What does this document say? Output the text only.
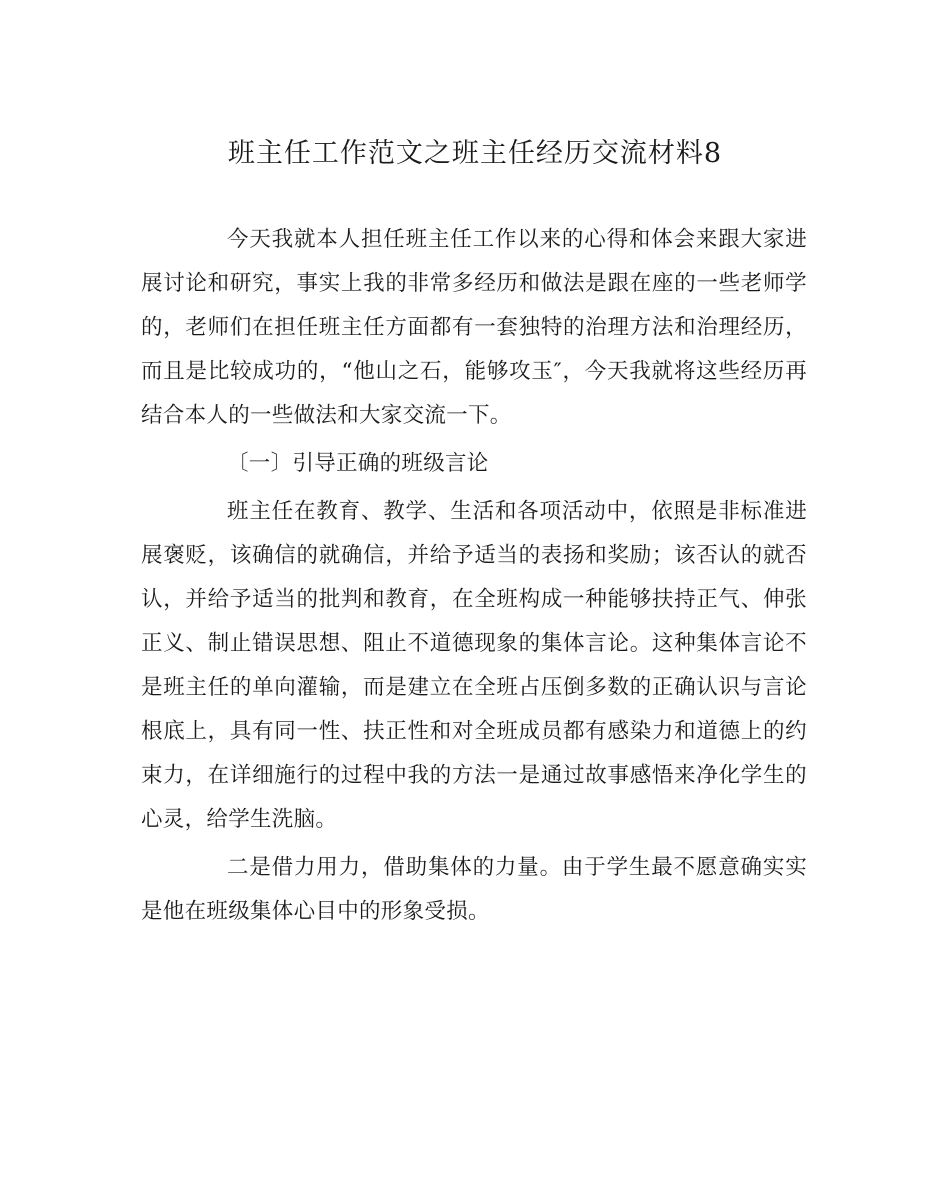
班主任工作范文之班主任经历交流材料8

今天我就本人担任班主任工作以来的心得和体会来跟大家进展讨论和研究，事实上我的非常多经历和做法是跟在座的一些老师学的，老师们在担任班主任方面都有一套独特的治理方法和治理经历，而且是比较成功的，“他山之石，能够攻玉″，今天我就将这些经历再结合本人的一些做法和大家交流一下。

〔一〕引导正确的班级言论

班主任在教育、教学、生活和各项活动中，依照是非标准进展褒贬，该确信的就确信，并给予适当的表扬和奖励；该否认的就否认，并给予适当的批判和教育，在全班构成一种能够扶持正气、伸张正义、制止错误思想、阻止不道德现象的集体言论。这种集体言论不是班主任的单向灌输，而是建立在全班占压倒多数的正确认识与言论根底上，具有同一性、扶正性和对全班成员都有感染力和道德上的约束力，在详细施行的过程中我的方法一是通过故事感悟来净化学生的心灵，给学生洗脑。

二是借力用力，借助集体的力量。由于学生最不愿意确实实是他在班级集体心目中的形象受损。
